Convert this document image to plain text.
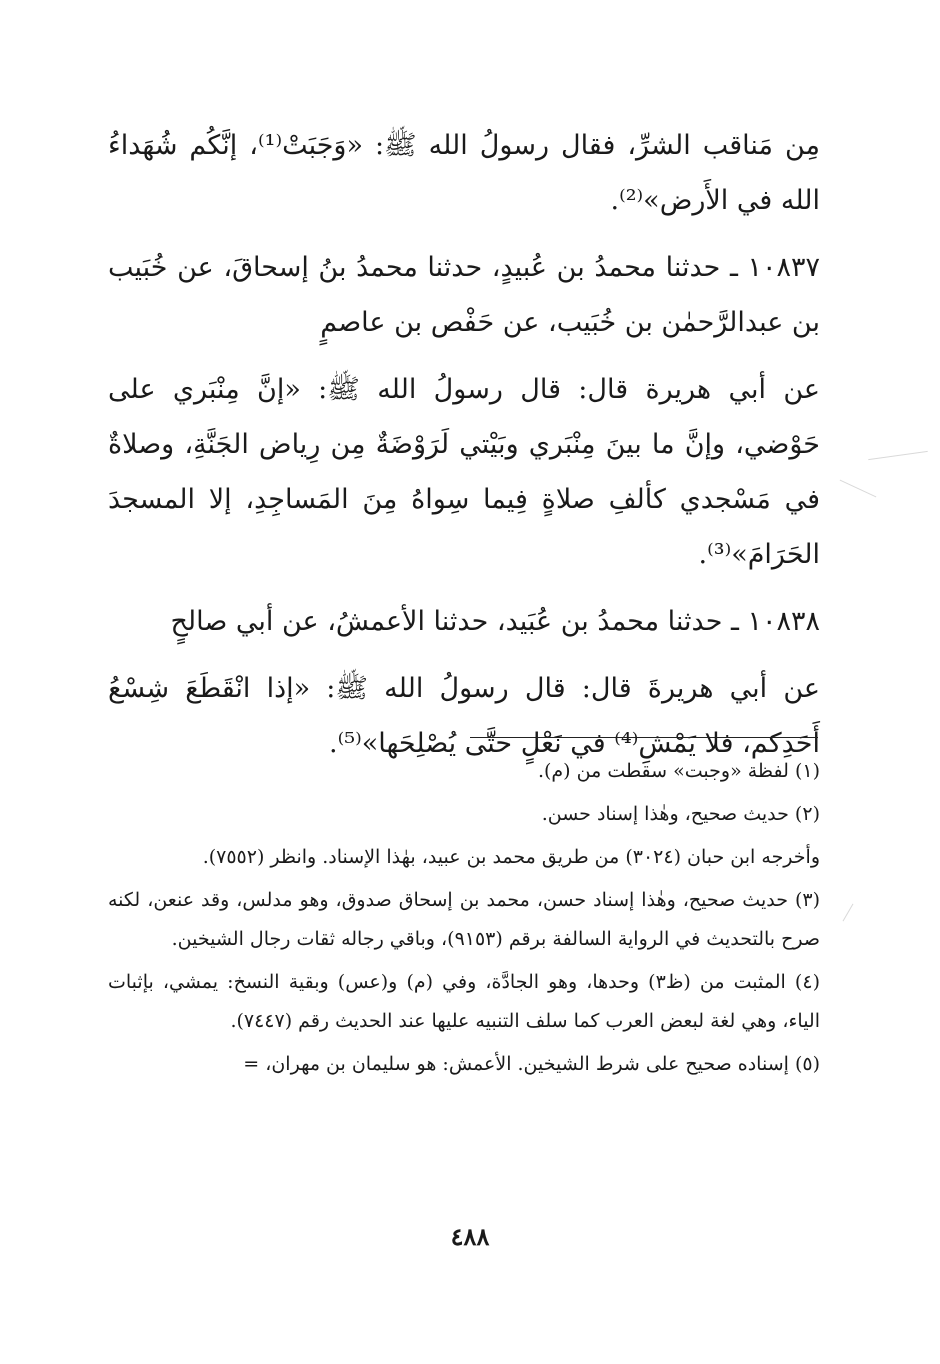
مِن مَناقب الشرِّ، فقال رسولُ الله ﷺ: «وَجَبَتْ⁽¹⁾، إنَّكُم شُهَداءُ الله في الأَرض»⁽²⁾.

١٠٨٣٧ ـ حدثنا محمدُ بن عُبيدٍ، حدثنا محمدُ بنُ إسحاقَ، عن خُبَيب بن عبدالرَّحمٰن بن خُبَيب، عن حَفْص بن عاصمٍ

عن أبي هريرة قال: قال رسولُ الله ﷺ: «إنَّ مِنْبَري على حَوْضي، وإنَّ ما بينَ مِنْبَري وبَيْتي لَرَوْضَةٌ مِن رِياض الجَنَّةِ، وصلاةٌ في مَسْجدي كألفِ صلاةٍ فِيما سِواهُ مِنَ المَساجِدِ، إلا المسجدَ الحَرَامَ»⁽³⁾.

١٠٨٣٨ ـ حدثنا محمدُ بن عُبَيد، حدثنا الأعمشُ، عن أبي صالحٍ

عن أبي هريرةَ قال: قال رسولُ الله ﷺ: «إذا انْقَطَعَ شِسْعُ أَحَدِكم، فلا يَمْشِ⁽⁴⁾ في نَعْلٍ حتَّى يُصْلِحَها»⁽⁵⁾.

(١) لفظة «وجبت» سقطت من (م).

(٢) حديث صحيح، وهٰذا إسناد حسن.

وأخرجه ابن حبان (٣٠٢٤) من طريق محمد بن عبيد، بهٰذا الإسناد. وانظر (٧٥٥٢).

(٣) حديث صحيح، وهٰذا إسناد حسن، محمد بن إسحاق صدوق، وهو مدلس، وقد عنعن، لكنه صرح بالتحديث في الرواية السالفة برقم (٩١٥٣)، وباقي رجاله ثقات رجال الشيخين.

(٤) المثبت من (ظ٣) وحدها، وهو الجادَّة، وفي (م) و(عس) وبقية النسخ: يمشي، بإثبات الياء، وهي لغة لبعض العرب كما سلف التنبيه عليها عند الحديث رقم (٧٤٤٧).

(٥) إسناده صحيح على شرط الشيخين. الأعمش: هو سليمان بن مهران، =

٤٨٨
